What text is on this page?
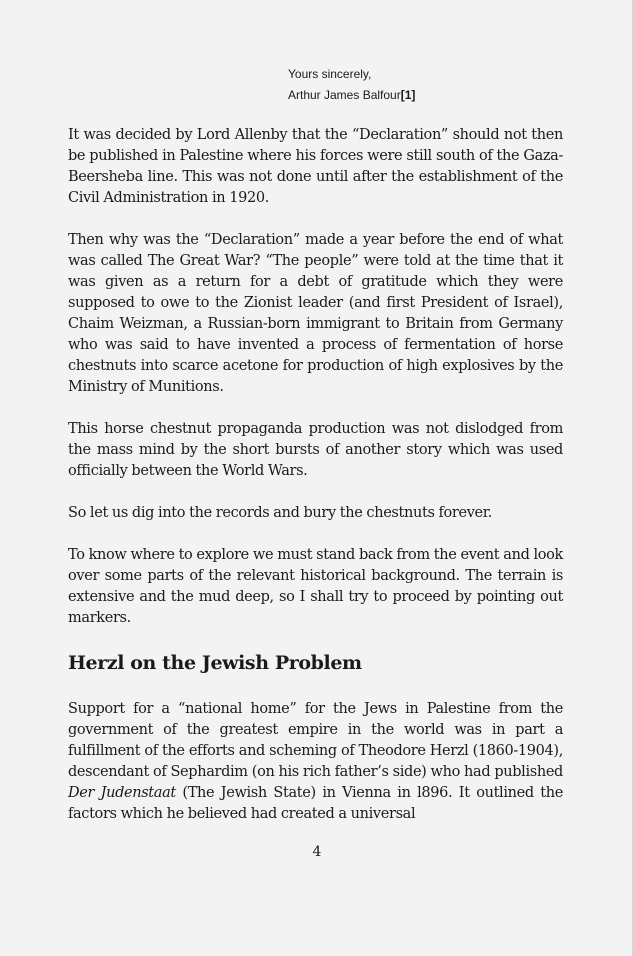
Yours sincerely,
Arthur James Balfour[1]

It was decided by Lord Allenby that the “Declaration” should not then be published in Palestine where his forces were still south of the Gaza-Beersheba line. This was not done until after the establishment of the Civil Administration in 1920.

Then why was the “Declaration” made a year before the end of what was called The Great War? “The people” were told at the time that it was given as a return for a debt of gratitude which they were supposed to owe to the Zionist leader (and first President of Israel), Chaim Weizman, a Russian-born immigrant to Britain from Germany who was said to have invented a process of fermentation of horse chestnuts into scarce acetone for production of high explosives by the Ministry of Munitions.

This horse chestnut propaganda production was not dislodged from the mass mind by the short bursts of another story which was used officially between the World Wars.

So let us dig into the records and bury the chestnuts forever.

To know where to explore we must stand back from the event and look over some parts of the relevant historical background. The terrain is extensive and the mud deep, so I shall try to proceed by pointing out markers.

Herzl on the Jewish Problem

Support for a “national home” for the Jews in Palestine from the government of the greatest empire in the world was in part a fulfillment of the efforts and scheming of Theodore Herzl (1860-1904), descendant of Sephardim (on his rich father’s side) who had published Der Judenstaat (The Jewish State) in Vienna in l896. It outlined the factors which he believed had created a universal

4
